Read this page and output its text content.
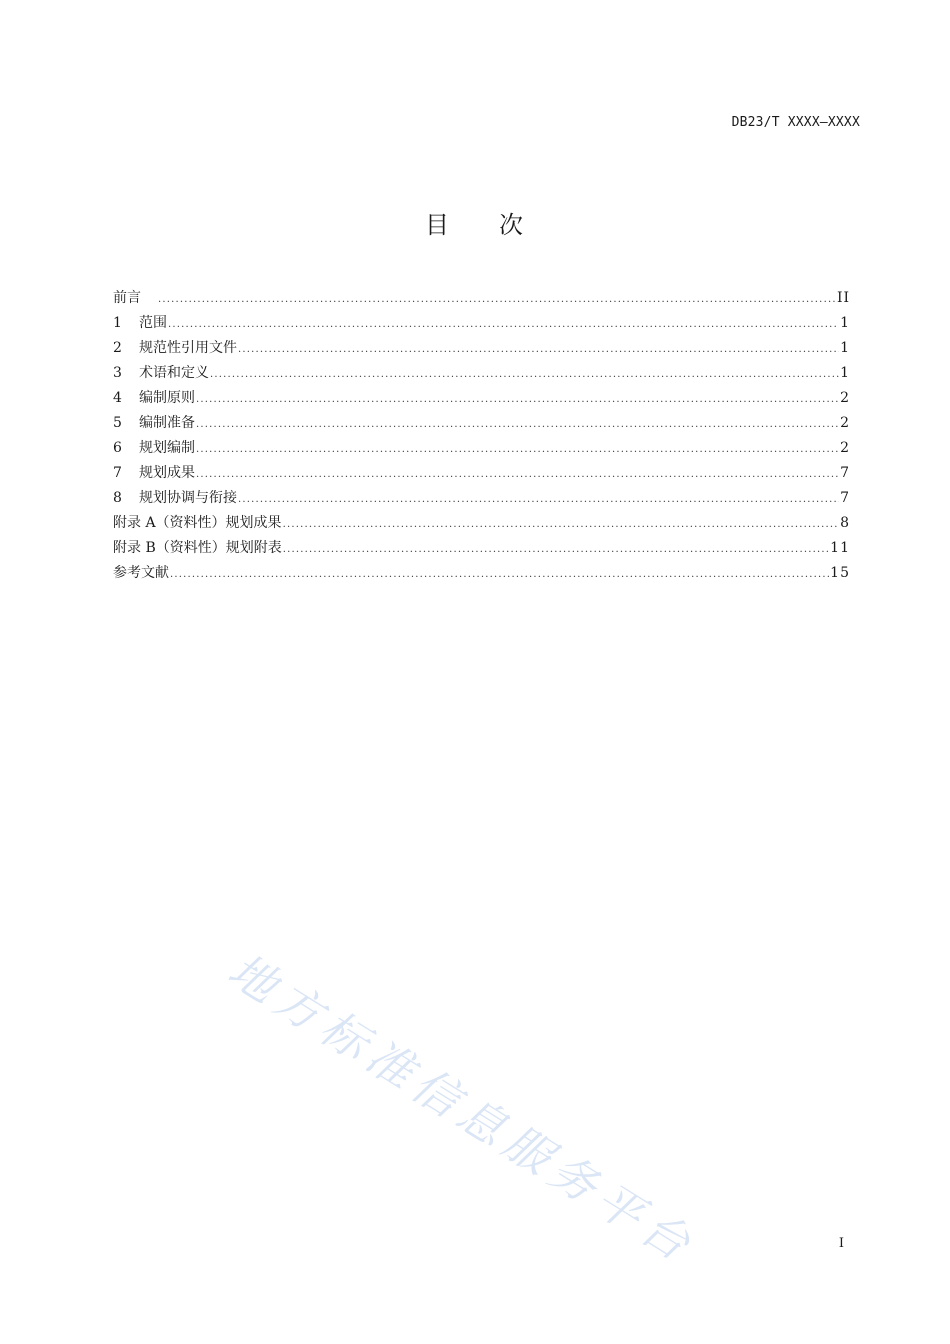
DB23/T XXXX—XXXX
目 次
前言 .....	II
1	范围 .....	1
2	规范性引用文件 .....	1
3	术语和定义 .....	1
4	编制原则 .....	2
5	编制准备 .....	2
6	规划编制 .....	2
7	规划成果 .....	7
8	规划协调与衔接 .....	7
附录 A（资料性）规划成果 .....	8
附录 B（资料性）规划附表 .....	11
参考文献 .....	15
地方标准信息服务平台	I
